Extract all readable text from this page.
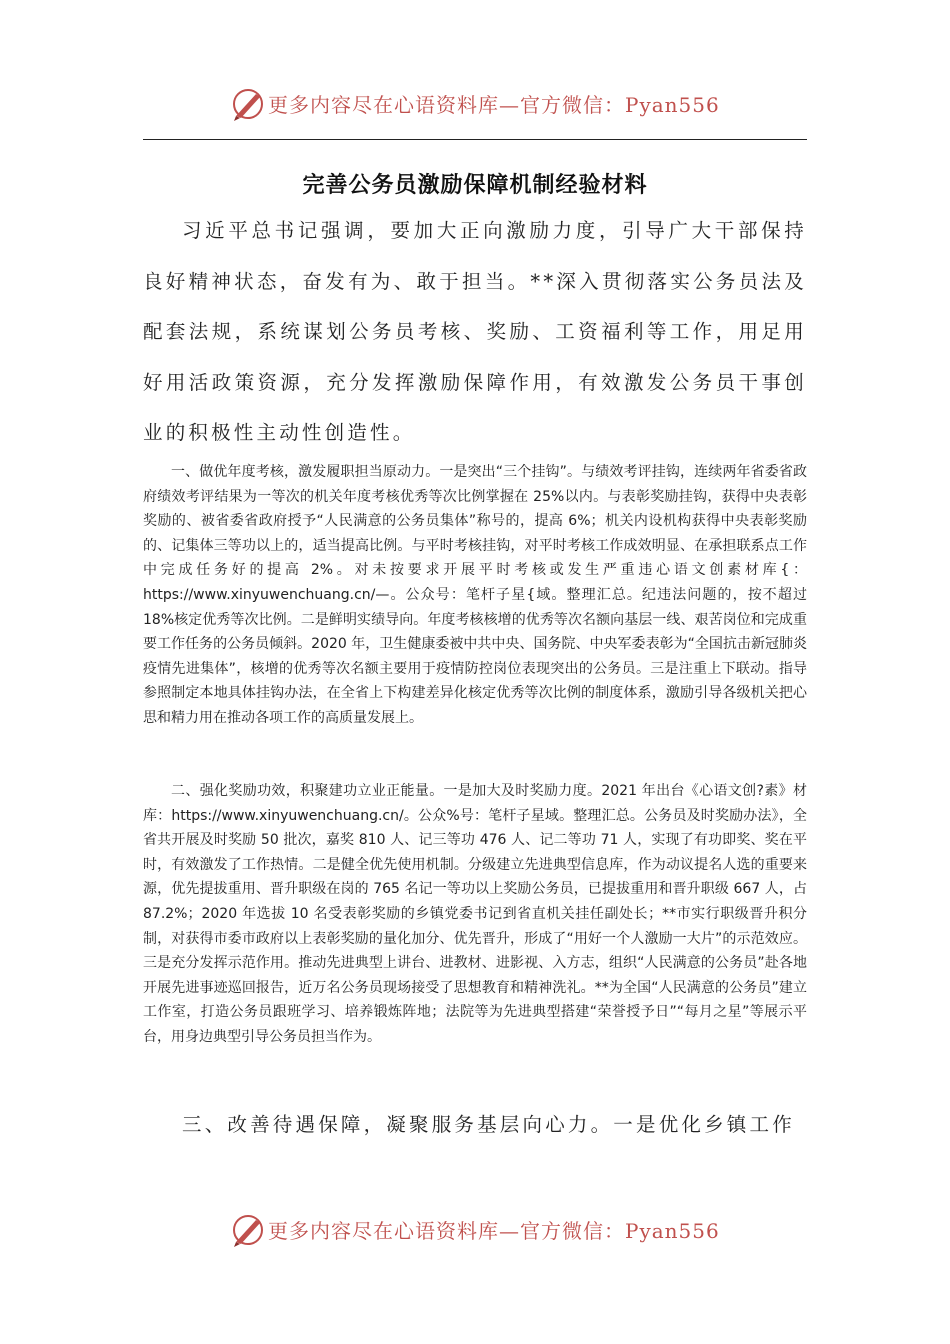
更多内容尽在心语资料库—官方微信：Pyan556
完善公务员激励保障机制经验材料

习近平总书记强调，要加大正向激励力度，引导广大干部保持良好精神状态，奋发有为、敢于担当。**深入贯彻落实公务员法及配套法规，系统谋划公务员考核、奖励、工资福利等工作，用足用好用活政策资源，充分发挥激励保障作用，有效激发公务员干事创业的积极性主动性创造性。

一、做优年度考核，激发履职担当原动力。一是突出“三个挂钩”。与绩效考评挂钩，连续两年省委省政府绩效考评结果为一等次的机关年度考核优秀等次比例掌握在 25%以内。与表彰奖励挂钩，获得中央表彰奖励的、被省委省政府授予“人民满意的公务员集体”称号的，提高 6%；机关内设机构获得中央表彰奖励的、记集体三等功以上的，适当提高比例。与平时考核挂钩，对平时考核工作成效明显、在承担联系点工作中完成任务好的提高 2%。对未按要求开展平时考核或发生严重违心语文创素材库{：https://www.xinyuwenchuang.cn/—。公众号：笔杆子星{域。整理汇总。纪违法问题的，按不超过 18%核定优秀等次比例。二是鲜明实绩导向。年度考核核增的优秀等次名额向基层一线、艰苦岗位和完成重要工作任务的公务员倾斜。2020 年，卫生健康委被中共中央、国务院、中央军委表彰为“全国抗击新冠肺炎疫情先进集体”，核增的优秀等次名额主要用于疫情防控岗位表现突出的公务员。三是注重上下联动。指导参照制定本地具体挂钩办法，在全省上下构建差异化核定优秀等次比例的制度体系，激励引导各级机关把心思和精力用在推动各项工作的高质量发展上。

二、强化奖励功效，积聚建功立业正能量。一是加大及时奖励力度。2021 年出台《心语文创?素》材库：https://www.xinyuwenchuang.cn/。公众%号：笔杆子星域。整理汇总。公务员及时奖励办法》，全省共开展及时奖励 50 批次，嘉奖 810 人、记三等功 476 人、记二等功 71 人，实现了有功即奖、奖在平时，有效激发了工作热情。二是健全优先使用机制。分级建立先进典型信息库，作为动议提名人选的重要来源，优先提拔重用、晋升职级在岗的 765 名记一等功以上奖励公务员，已提拔重用和晋升职级 667 人，占 87.2%；2020 年选拔 10 名受表彰奖励的乡镇党委书记到省直机关挂任副处长；**市实行职级晋升积分制，对获得市委市政府以上表彰奖励的量化加分、优先晋升，形成了“用好一个人激励一大片”的示范效应。三是充分发挥示范作用。推动先进典型上讲台、进教材、进影视、入方志，组织“人民满意的公务员”赴各地开展先进事迹巡回报告，近万名公务员现场接受了思想教育和精神洗礼。**为全国“人民满意的公务员”建立工作室，打造公务员跟班学习、培养锻炼阵地；法院等为先进典型搭建“荣誉授予日”“每月之星”等展示平台，用身边典型引导公务员担当作为。

三、改善待遇保障，凝聚服务基层向心力。一是优化乡镇工作

更多内容尽在心语资料库—官方微信：Pyan556
